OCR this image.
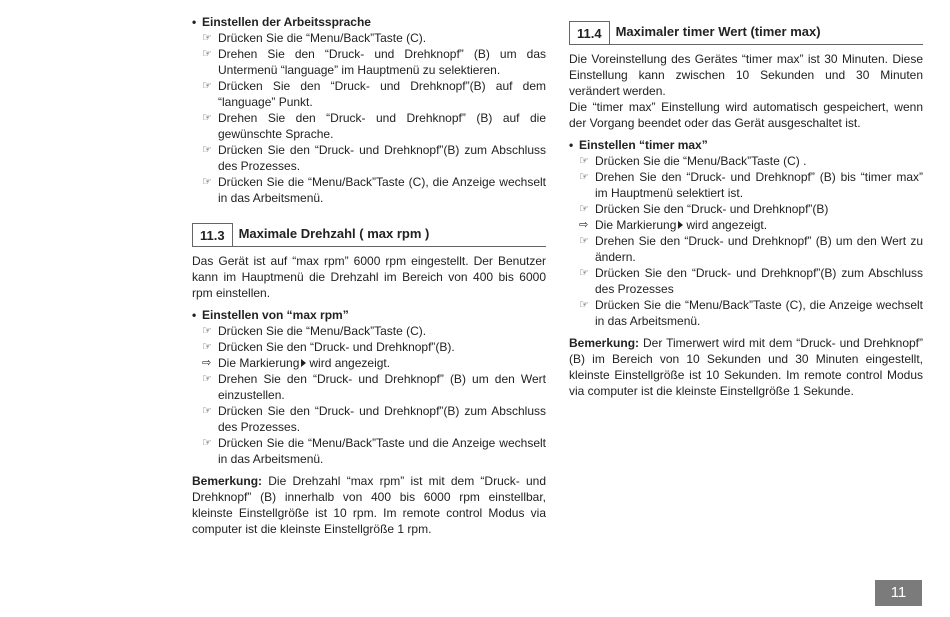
• Einstellen der Arbeitssprache
☞ Drücken Sie die “Menu/Back”Taste (C).
☞ Drehen Sie den “Druck- und Drehknopf” (B) um das Untermenü “language” im Hauptmenü zu selektieren.
☞ Drücken Sie den “Druck- und Drehknopf”(B) auf dem “language” Punkt.
☞ Drehen Sie den “Druck- und Drehknopf” (B) auf die gewünschte Sprache.
☞ Drücken Sie den “Druck- und Drehknopf”(B) zum Abschluss des Prozesses.
☞ Drücken Sie die “Menu/Back”Taste (C), die Anzeige wechselt in das Arbeitsmenü.
11.3	Maximale Drehzahl ( max rpm )

Das Gerät ist auf “max rpm” 6000 rpm eingestellt. Der Benutzer kann im Hauptmenü die Drehzahl im Bereich von 400 bis 6000 rpm einstellen.

• Einstellen von “max rpm”
☞ Drücken Sie die “Menu/Back”Taste (C).
☞ Drücken Sie den “Druck- und Drehknopf”(B).
⇨ Die Markierung wird angezeigt.
☞ Drehen Sie den “Druck- und Drehknopf” (B) um den Wert einzustellen.
☞ Drücken Sie den “Druck- und Drehknopf”(B) zum Abschluss des Prozesses.
☞ Drücken Sie die “Menu/Back”Taste und die Anzeige wechselt in das Arbeitsmenü.

Bemerkung: Die Drehzahl “max rpm” ist mit dem “Druck- und Drehknopf” (B) innerhalb von 400 bis 6000 rpm einstellbar, kleinste Einstellgröße ist 10 rpm. Im remote control Modus via computer ist die kleinste Einstellgröße 1 rpm.

11.4	Maximaler timer Wert (timer max)

Die Voreinstellung des Gerätes “timer max” ist 30 Minuten. Diese Einstellung kann zwischen 10 Sekunden und 30 Minuten verändert werden.

Die “timer max” Einstellung wird automatisch gespeichert, wenn der Vorgang beendet oder das Gerät ausgeschaltet ist.

• Einstellen “timer max”
☞ Drücken Sie die “Menu/Back”Taste (C) .
☞ Drehen Sie den “Druck- und Drehknopf” (B) bis “timer max” im Hauptmenü selektiert ist.
☞ Drücken Sie den “Druck- und Drehknopf”(B)
⇨ Die Markierung wird angezeigt.
☞ Drehen Sie den “Druck- und Drehknopf” (B) um den Wert zu ändern.
☞ Drücken Sie den “Druck- und Drehknopf”(B) zum Abschluss des Prozesses
☞ Drücken Sie die “Menu/Back”Taste (C), die Anzeige wechselt in das Arbeitsmenü.

Bemerkung: Der Timerwert wird mit dem “Druck- und Drehknopf” (B) im Bereich von 10 Sekunden und 30 Minuten eingestellt, kleinste Einstellgröße ist 10 Sekunden. Im remote control Modus via computer ist die kleinste Einstellgröße 1 Sekunde.

11
